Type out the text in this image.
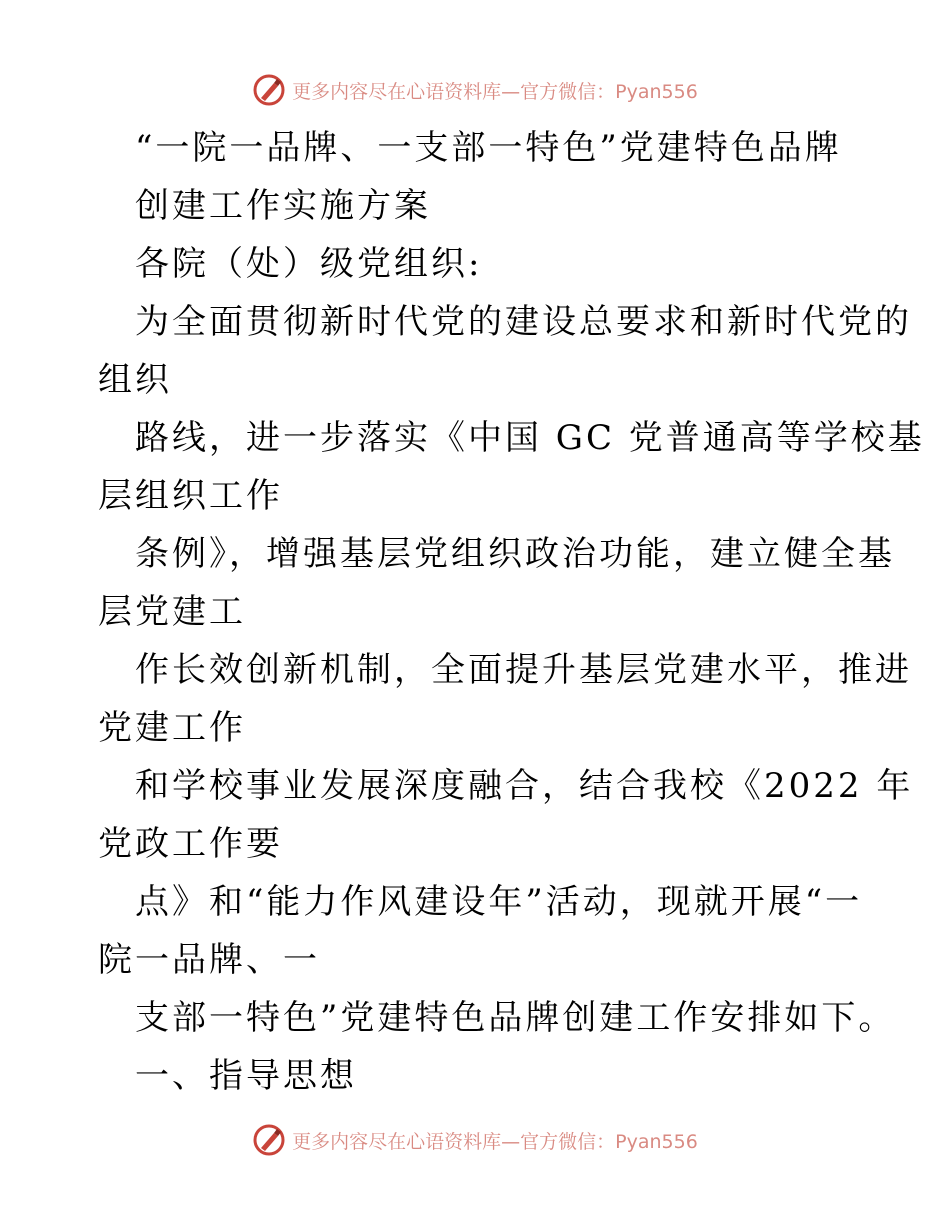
更多内容尽在心语资料库—官方微信：Pyan556
“一院一品牌、一支部一特色”党建特色品牌
创建工作实施方案
各院（处）级党组织:
为全面贯彻新时代党的建设总要求和新时代党的
组织
路线，进一步落实《中国 GC 党普通高等学校基
层组织工作
条例》，增强基层党组织政治功能，建立健全基
层党建工
作长效创新机制，全面提升基层党建水平，推进
党建工作
和学校事业发展深度融合，结合我校《2022 年
党政工作要
点》和“能力作风建设年”活动，现就开展“一
院一品牌、一
支部一特色”党建特色品牌创建工作安排如下。
一、指导思想
更多内容尽在心语资料库—官方微信：Pyan556
